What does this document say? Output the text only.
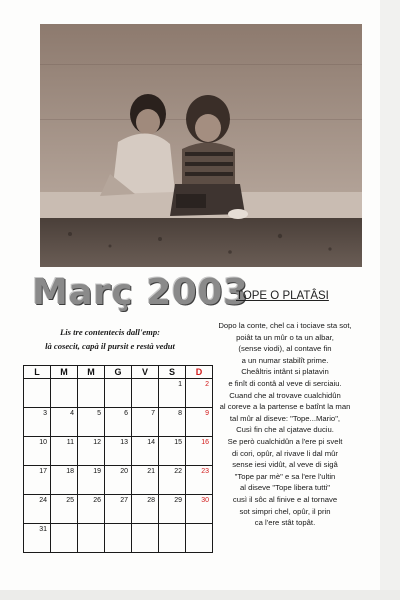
Març 2003
TOPE O PLATÂSI
Lis tre contentecis dall'emp:
là cosecit, capà il pursit e restà vedut
Dopo la conte, chel ca i tociave sta sot,
poiât ta un mûr o ta un albar,
(sense viodi), al contave fin
a un numar stabilît prime.
Cheâltris intânt si platavin
e finît di contâ al veve di serciaiu.
Cuand che al trovave cualchidûn
al coreve a la partense e batînt la man
tal mûr al diseve: "Tope...Mario",
Cusì fin che al cjatave duciu.
Se però cualchidûn a l'ere pi svelt
di cori, opûr, al rivave li dal mûr
sense iesi vidût, al veve di sigâ
"Tope par mè" e sa l'ere l'ultin
al diseve "Tope libera tutti"
cusì il sôc al finive e al tornave
sot simpri chel, opûr, il prin
ca l'ere stât topât.
L	M	M	G	V	S	D
					1	2
3	4	5	6	7	8	9
10	11	12	13	14	15	16
17	18	19	20	21	22	23
24	25	26	27	28	29	30
31						
